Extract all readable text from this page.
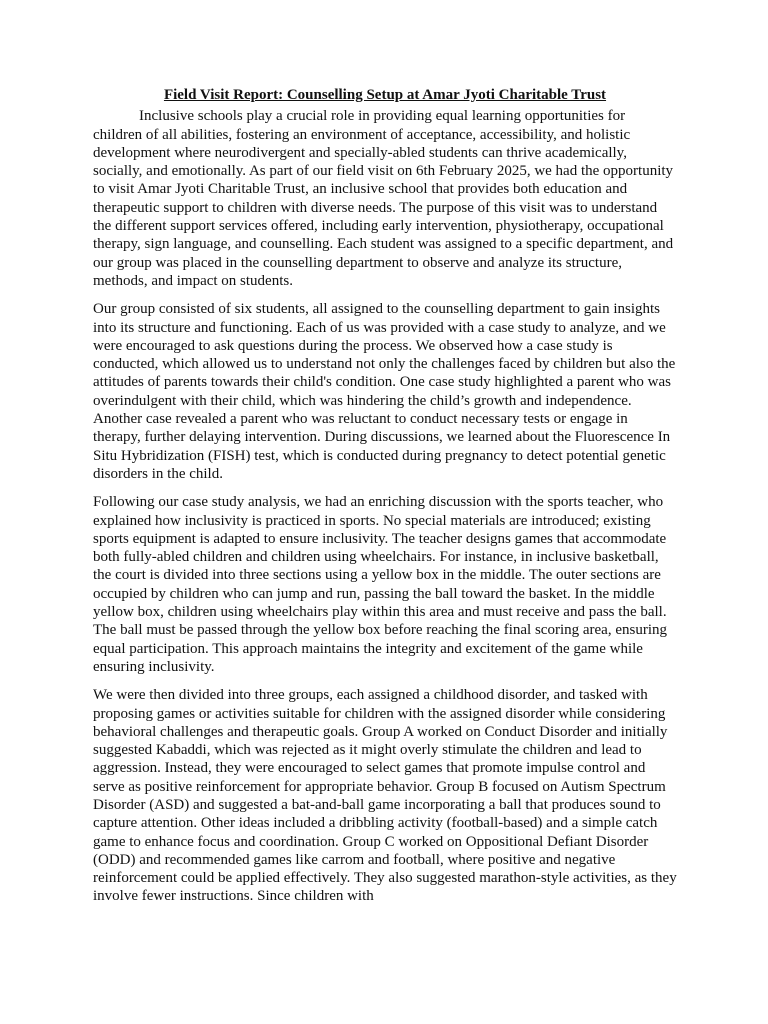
Field Visit Report: Counselling Setup at Amar Jyoti Charitable Trust

Inclusive schools play a crucial role in providing equal learning opportunities for children of all abilities, fostering an environment of acceptance, accessibility, and holistic development where neurodivergent and specially-abled students can thrive academically, socially, and emotionally. As part of our field visit on 6th February 2025, we had the opportunity to visit Amar Jyoti Charitable Trust, an inclusive school that provides both education and therapeutic support to children with diverse needs. The purpose of this visit was to understand the different support services offered, including early intervention, physiotherapy, occupational therapy, sign language, and counselling. Each student was assigned to a specific department, and our group was placed in the counselling department to observe and analyze its structure, methods, and impact on students.

Our group consisted of six students, all assigned to the counselling department to gain insights into its structure and functioning. Each of us was provided with a case study to analyze, and we were encouraged to ask questions during the process. We observed how a case study is conducted, which allowed us to understand not only the challenges faced by children but also the attitudes of parents towards their child's condition. One case study highlighted a parent who was overindulgent with their child, which was hindering the child’s growth and independence. Another case revealed a parent who was reluctant to conduct necessary tests or engage in therapy, further delaying intervention. During discussions, we learned about the Fluorescence In Situ Hybridization (FISH) test, which is conducted during pregnancy to detect potential genetic disorders in the child.

Following our case study analysis, we had an enriching discussion with the sports teacher, who explained how inclusivity is practiced in sports. No special materials are introduced; existing sports equipment is adapted to ensure inclusivity. The teacher designs games that accommodate both fully-abled children and children using wheelchairs. For instance, in inclusive basketball, the court is divided into three sections using a yellow box in the middle. The outer sections are occupied by children who can jump and run, passing the ball toward the basket. In the middle yellow box, children using wheelchairs play within this area and must receive and pass the ball. The ball must be passed through the yellow box before reaching the final scoring area, ensuring equal participation. This approach maintains the integrity and excitement of the game while ensuring inclusivity.

We were then divided into three groups, each assigned a childhood disorder, and tasked with proposing games or activities suitable for children with the assigned disorder while considering behavioral challenges and therapeutic goals. Group A worked on Conduct Disorder and initially suggested Kabaddi, which was rejected as it might overly stimulate the children and lead to aggression. Instead, they were encouraged to select games that promote impulse control and serve as positive reinforcement for appropriate behavior. Group B focused on Autism Spectrum Disorder (ASD) and suggested a bat-and-ball game incorporating a ball that produces sound to capture attention. Other ideas included a dribbling activity (football-based) and a simple catch game to enhance focus and coordination. Group C worked on Oppositional Defiant Disorder (ODD) and recommended games like carrom and football, where positive and negative reinforcement could be applied effectively. They also suggested marathon-style activities, as they involve fewer instructions. Since children with
